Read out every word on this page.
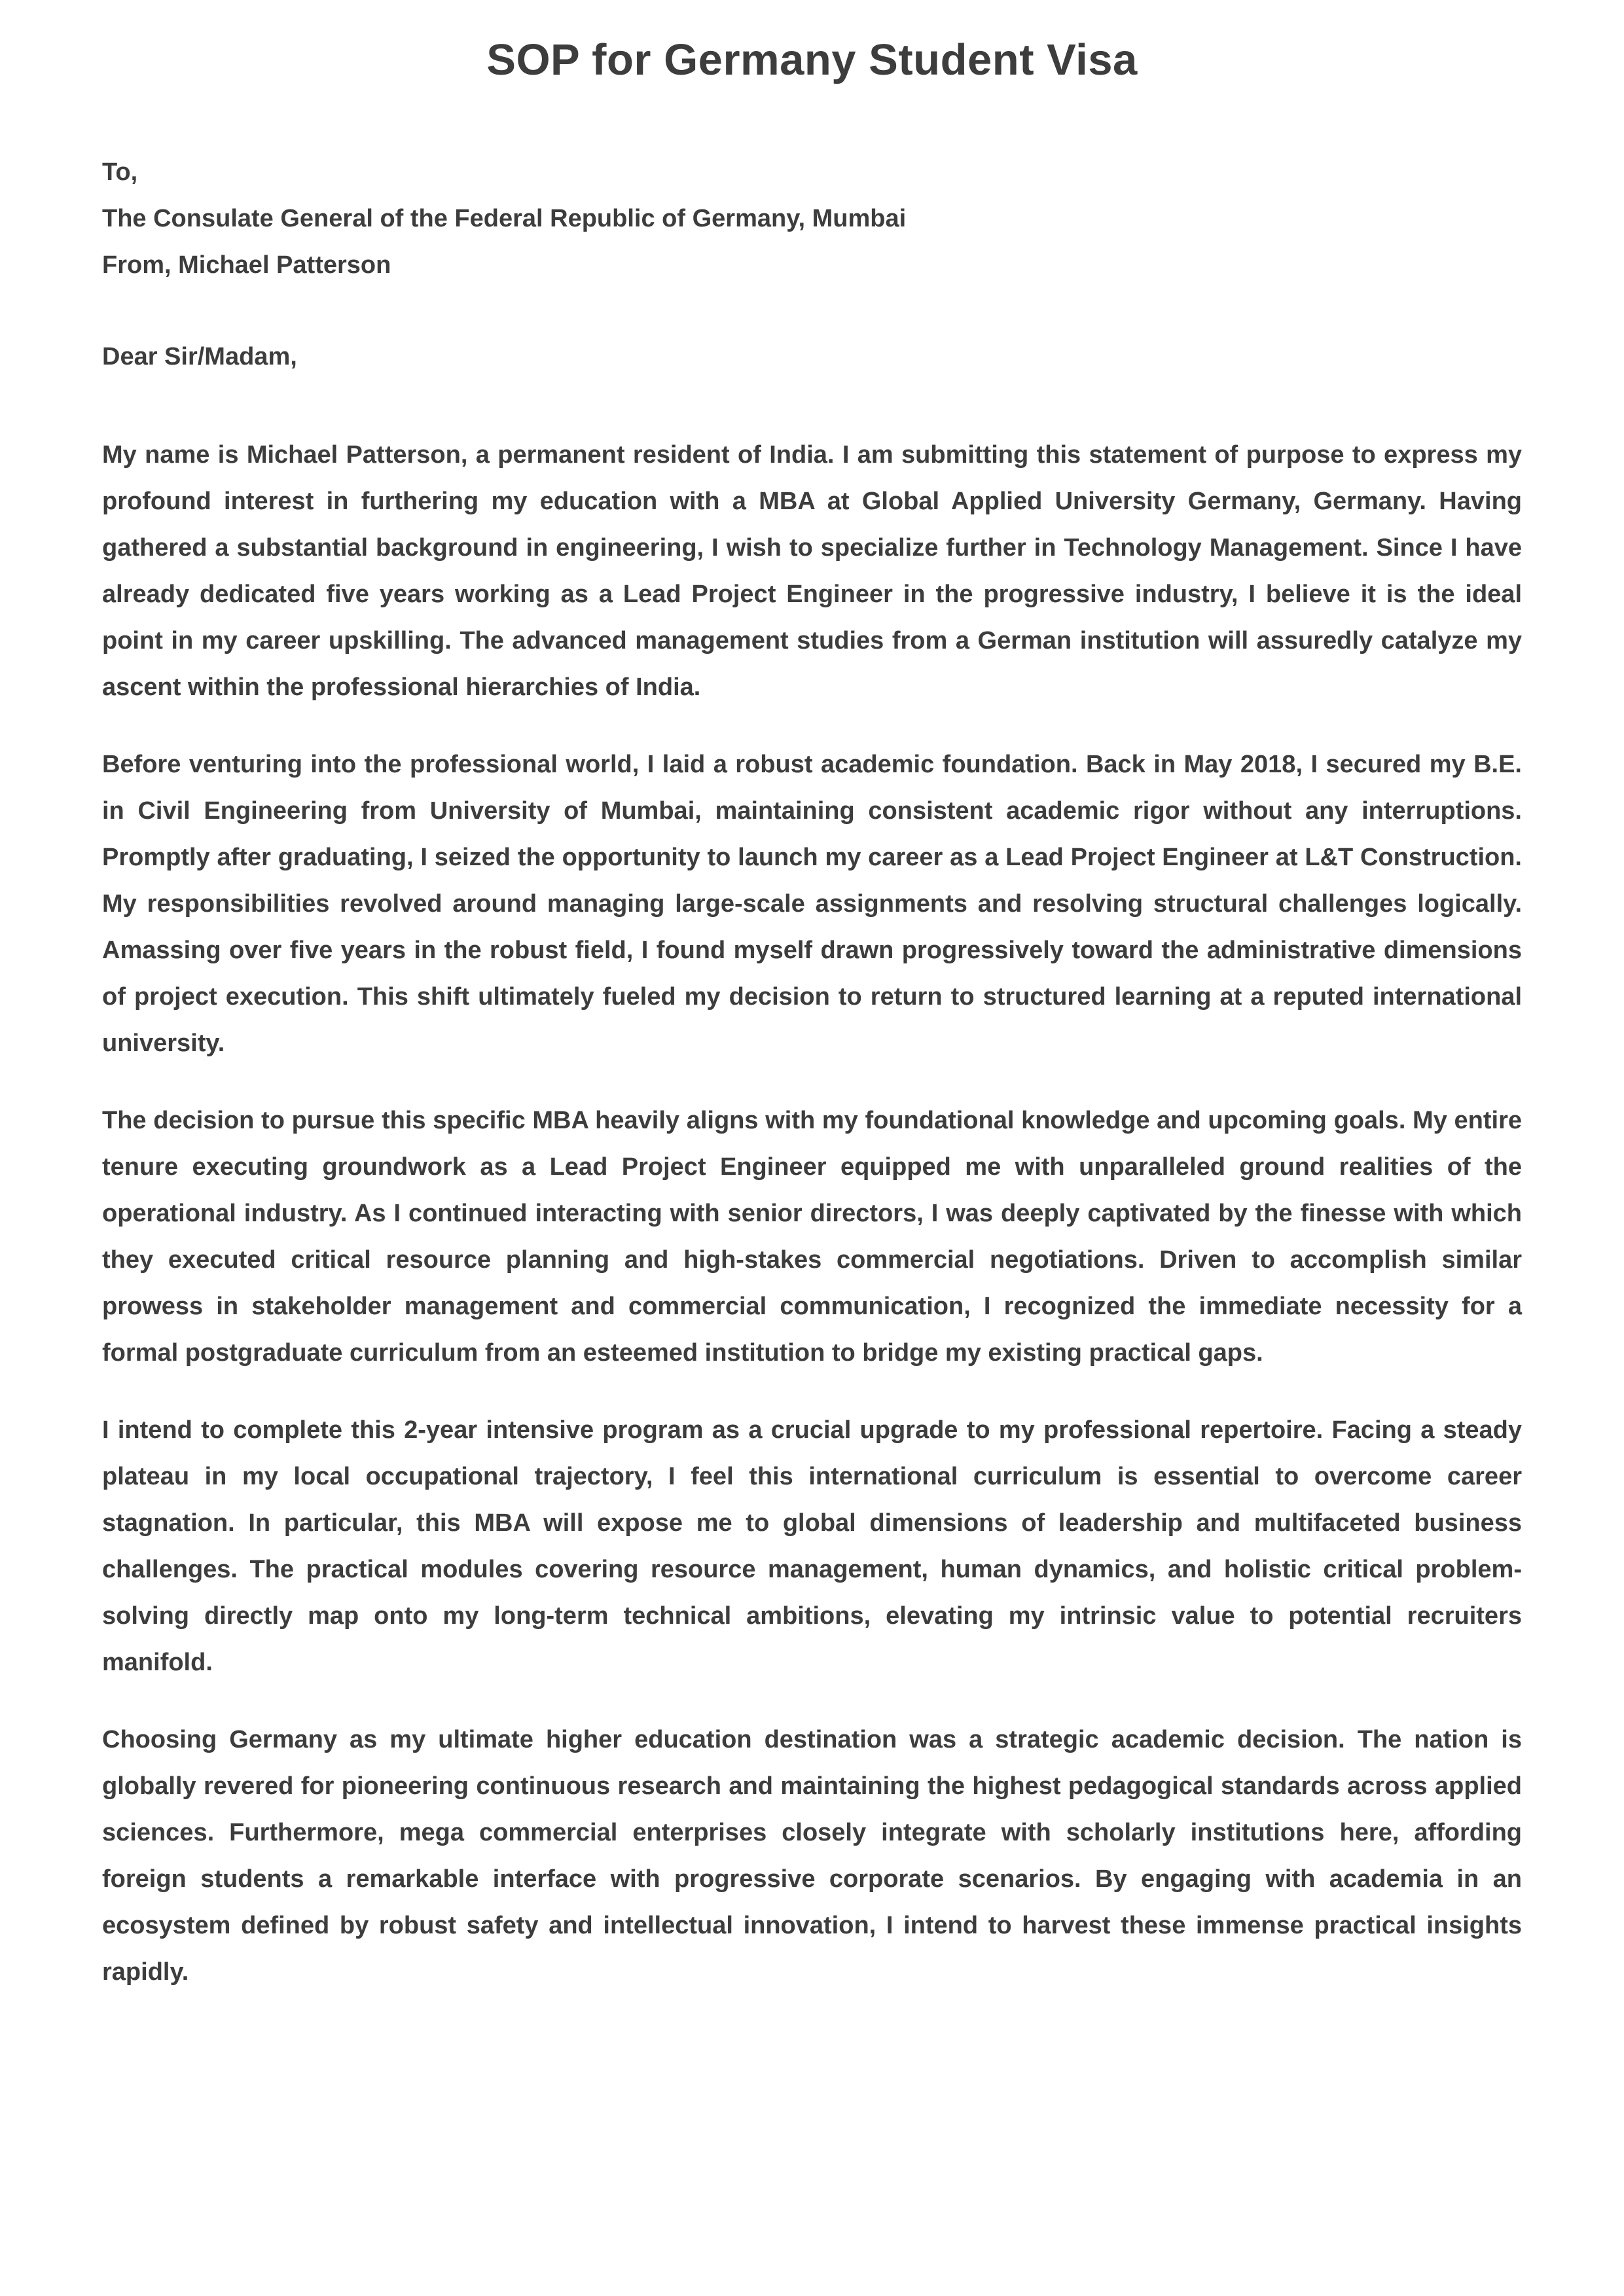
SOP for Germany Student Visa

To,
The Consulate General of the Federal Republic of Germany, Mumbai

From, Michael Patterson

Dear Sir/Madam,

My name is Michael Patterson, a permanent resident of India. I am submitting this statement of purpose to express my profound interest in furthering my education with a MBA at Global Applied University Germany, Germany. Having gathered a substantial background in engineering, I wish to specialize further in Technology Management. Since I have already dedicated five years working as a Lead Project Engineer in the progressive industry, I believe it is the ideal point in my career upskilling. The advanced management studies from a German institution will assuredly catalyze my ascent within the professional hierarchies of India.

Before venturing into the professional world, I laid a robust academic foundation. Back in May 2018, I secured my B.E. in Civil Engineering from University of Mumbai, maintaining consistent academic rigor without any interruptions. Promptly after graduating, I seized the opportunity to launch my career as a Lead Project Engineer at L&T Construction. My responsibilities revolved around managing large-scale assignments and resolving structural challenges logically. Amassing over five years in the robust field, I found myself drawn progressively toward the administrative dimensions of project execution. This shift ultimately fueled my decision to return to structured learning at a reputed international university.

The decision to pursue this specific MBA heavily aligns with my foundational knowledge and upcoming goals. My entire tenure executing groundwork as a Lead Project Engineer equipped me with unparalleled ground realities of the operational industry. As I continued interacting with senior directors, I was deeply captivated by the finesse with which they executed critical resource planning and high-stakes commercial negotiations. Driven to accomplish similar prowess in stakeholder management and commercial communication, I recognized the immediate necessity for a formal postgraduate curriculum from an esteemed institution to bridge my existing practical gaps.

I intend to complete this 2-year intensive program as a crucial upgrade to my professional repertoire. Facing a steady plateau in my local occupational trajectory, I feel this international curriculum is essential to overcome career stagnation. In particular, this MBA will expose me to global dimensions of leadership and multifaceted business challenges. The practical modules covering resource management, human dynamics, and holistic critical problem-solving directly map onto my long-term technical ambitions, elevating my intrinsic value to potential recruiters manifold.

Choosing Germany as my ultimate higher education destination was a strategic academic decision. The nation is globally revered for pioneering continuous research and maintaining the highest pedagogical standards across applied sciences. Furthermore, mega commercial enterprises closely integrate with scholarly institutions here, affording foreign students a remarkable interface with progressive corporate scenarios. By engaging with academia in an ecosystem defined by robust safety and intellectual innovation, I intend to harvest these immense practical insights rapidly.
